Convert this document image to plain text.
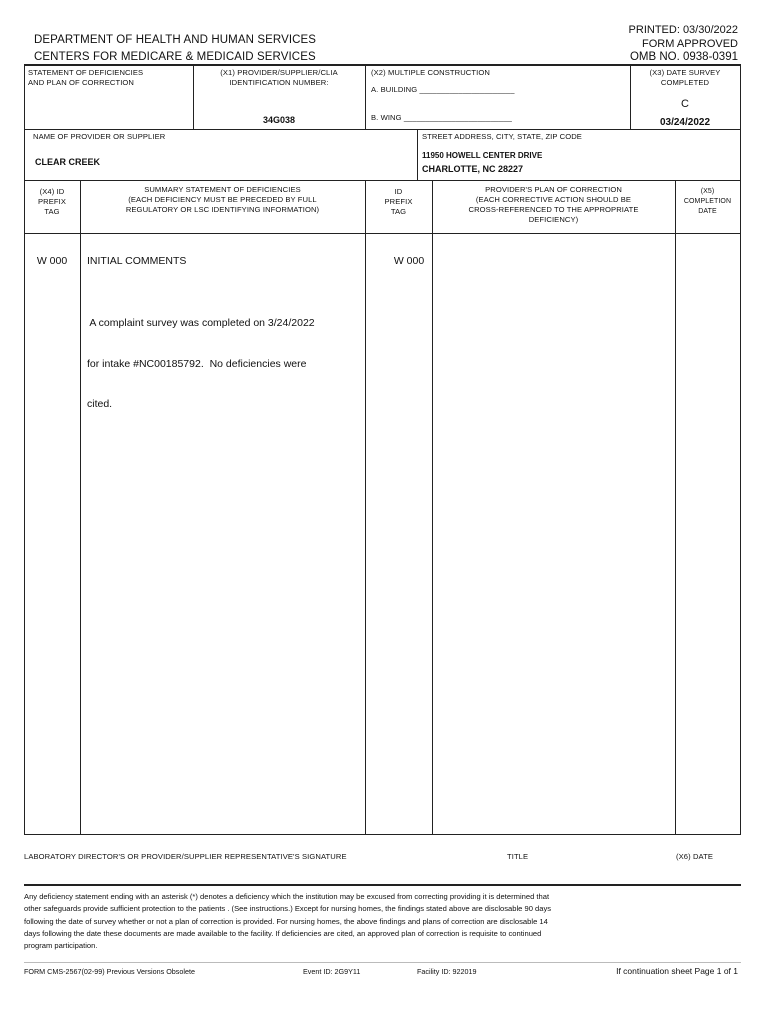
DEPARTMENT OF HEALTH AND HUMAN SERVICES
CENTERS FOR MEDICARE & MEDICAID SERVICES
PRINTED: 03/30/2022
FORM APPROVED
OMB NO. 0938-0391
STATEMENT OF DEFICIENCIES
AND PLAN OF CORRECTION
(X1) PROVIDER/SUPPLIER/CLIA
IDENTIFICATION NUMBER:
34G038
(X2) MULTIPLE CONSTRUCTION
A. BUILDING ______________________
B. WING _________________________
(X3) DATE SURVEY
COMPLETED
C
03/24/2022
NAME OF PROVIDER OR SUPPLIER
CLEAR CREEK
STREET ADDRESS, CITY, STATE, ZIP CODE
11950 HOWELL CENTER DRIVE
CHARLOTTE, NC 28227
(X4) ID
PREFIX
TAG
SUMMARY STATEMENT OF DEFICIENCIES
(EACH DEFICIENCY MUST BE PRECEDED BY FULL
REGULATORY OR LSC IDENTIFYING INFORMATION)
ID
PREFIX
TAG
PROVIDER'S PLAN OF CORRECTION
(EACH CORRECTIVE ACTION SHOULD BE
CROSS-REFERENCED TO THE APPROPRIATE
DEFICIENCY)
(X5)
COMPLETION
DATE
W 000	INITIAL COMMENTS

A complaint survey was completed on 3/24/2022

for intake #NC00185792.  No deficiencies were

cited.

W 000
LABORATORY DIRECTOR'S OR PROVIDER/SUPPLIER REPRESENTATIVE'S SIGNATURE	TITLE	(X6) DATE
Any deficiency statement ending with an asterisk (*) denotes a deficiency which the institution may be excused from correcting providing it is determined that
other safeguards provide sufficient protection to the patients . (See instructions.) Except for nursing homes, the findings stated above are disclosable 90 days
following the date of survey whether or not a plan of correction is provided. For nursing homes, the above findings and plans of correction are disclosable 14
days following the date these documents are made available to the facility. If deficiencies are cited, an approved plan of correction is requisite to continued
program participation.
FORM CMS-2567(02-99) Previous Versions Obsolete	Event ID: 2G9Y11	Facility ID: 922019	If continuation sheet Page 1 of 1
